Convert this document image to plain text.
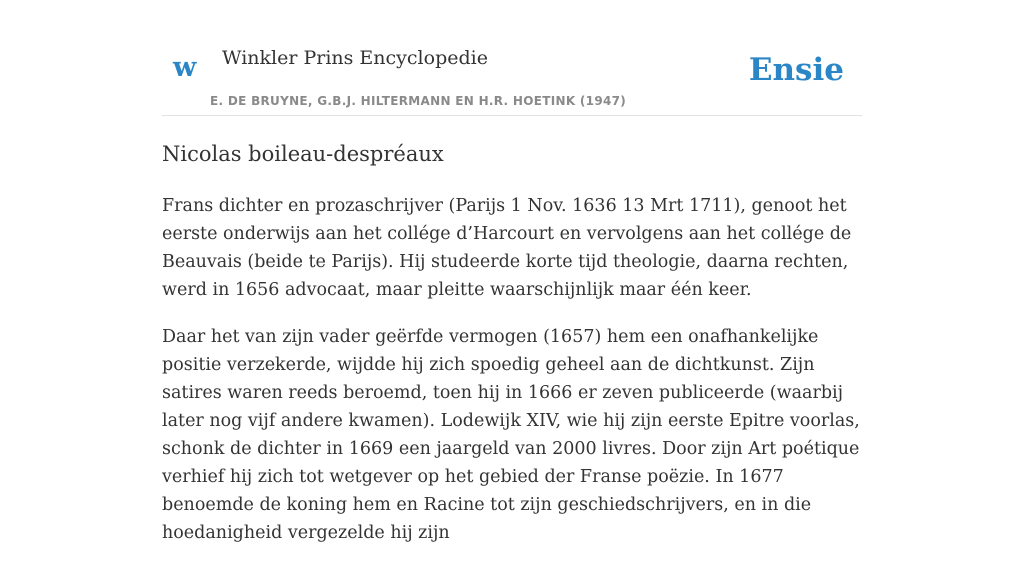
w Winkler Prins Encyclopedie
E. DE BRUYNE, G.B.J. HILTERMANN EN H.R. HOETINK (1947)
Ensie
Nicolas boileau-despréaux

Frans dichter en prozaschrijver (Parijs 1 Nov. 1636 13 Mrt 1711), genoot het eerste onderwijs aan het collége d’Harcourt en vervolgens aan het collége de Beauvais (beide te Parijs). Hij studeerde korte tijd theologie, daarna rechten, werd in 1656 advocaat, maar pleitte waarschijnlijk maar één keer.

Daar het van zijn vader geërfde vermogen (1657) hem een onafhankelijke positie verzekerde, wijdde hij zich spoedig geheel aan de dichtkunst. Zijn satires waren reeds beroemd, toen hij in 1666 er zeven publiceerde (waarbij later nog vijf andere kwamen). Lodewijk XIV, wie hij zijn eerste Epitre voorlas, schonk de dichter in 1669 een jaargeld van 2000 livres. Door zijn Art poétique verhief hij zich tot wetgever op het gebied der Franse poëzie. In 1677 benoemde de koning hem en Racine tot zijn geschiedschrijvers, en in die hoedanigheid vergezelde hij zijn
